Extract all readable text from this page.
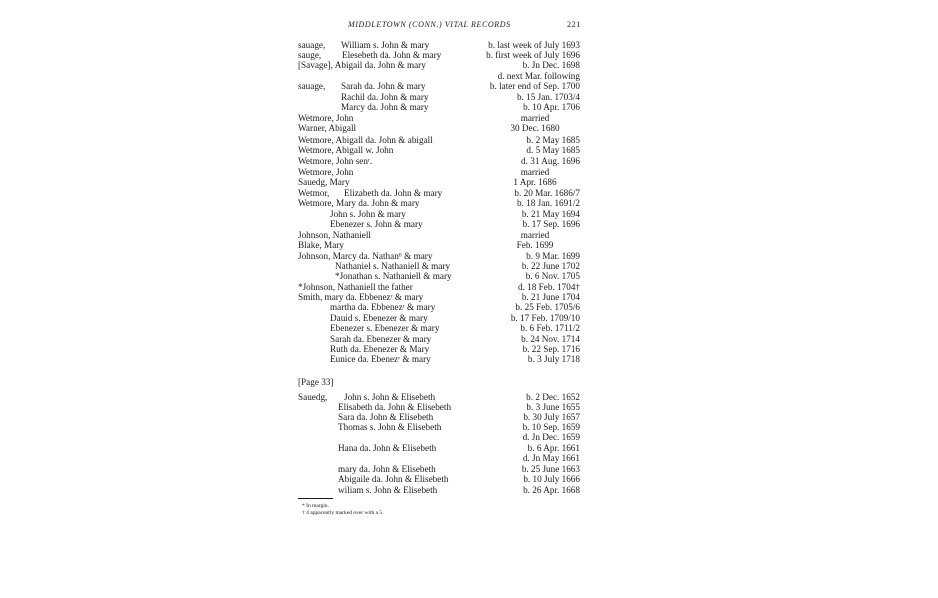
MIDDLETOWN (CONN.) VITAL RECORDS	221
sauage, William s. John & mary	b. last week of July 1693
sauge, Elesebeth da. John & mary	b. first week of July 1696
[Savage], Abigail da. John & mary	b. Jn Dec. 1698
d. next Mar. following
sauage, Sarah da. John & mary	b. later end of Sep. 1700
Rachil da. John & mary	b. 15 Jan. 1703/4
Marcy da. John & mary	b. 10 Apr. 1706
Wetmore, John	married
Warner, Abigall	30 Dec. 1680
Wetmore, Abigall da. John & abigall	b. 2 May 1685
Wetmore, Abigall w. John	d. 5 May 1685
Wetmore, John senʳ.	d. 31 Aug. 1696
Wetmore, John	married
Sauedg, Mary	1 Apr. 1686
Wetmor, Elizabeth da. John & mary	b. 20 Mar. 1686/7
Wetmore, Mary da. John & mary	b. 18 Jan. 1691/2
John s. John & mary	b. 21 May 1694
Ebenezer s. John & mary	b. 17 Sep. 1696
Johnson, Nathaniell	married
Blake, Mary	Feb. 1699
Johnson, Marcy da. Nathanˡˡ & mary	b. 9 Mar. 1699
Nathaniel s. Nathaniell & mary	b. 22 June 1702
*Jonathan s. Nathaniell & mary	b. 6 Nov. 1705
*Johnson, Nathaniell the father	d. 18 Feb. 1704†
Smith, mary da. Ebbenezʳ & mary	b. 21 June 1704
martha da. Ebbenezʳ & mary	b. 25 Feb. 1705/6
Dauid s. Ebenezer & mary	b. 17 Feb. 1709/10
Ebenezer s. Ebenezer & mary	b. 6 Feb. 1711/2
Sarah da. Ebenezer & mary	b. 24 Nov. 1714
Ruth da. Ebenezer & Mary	b. 22 Sep. 1716
Eunice da. Ebenezʳ & mary	b. 3 July 1718
[Page 33]
Sauedg, John s. John & Elisebeth	b. 2 Dec. 1652
Elisabeth da. John & Elisebeth	b. 3 June 1655
Sara da. John & Elisebeth	b. 30 July 1657
Thomas s. John & Elisebeth	b. 10 Sep. 1659
d. Jn Dec. 1659
Hana da. John & Elisebeth	b. 6 Apr. 1661
d. Jn May 1661
mary da. John & Elisebeth	b. 25 June 1663
Abigaile da. John & Elisebeth	b. 10 July 1666
wiliam s. John & Elisebeth	b. 26 Apr. 1668
* In margin.
† 4 appacently marked over with a 5.
